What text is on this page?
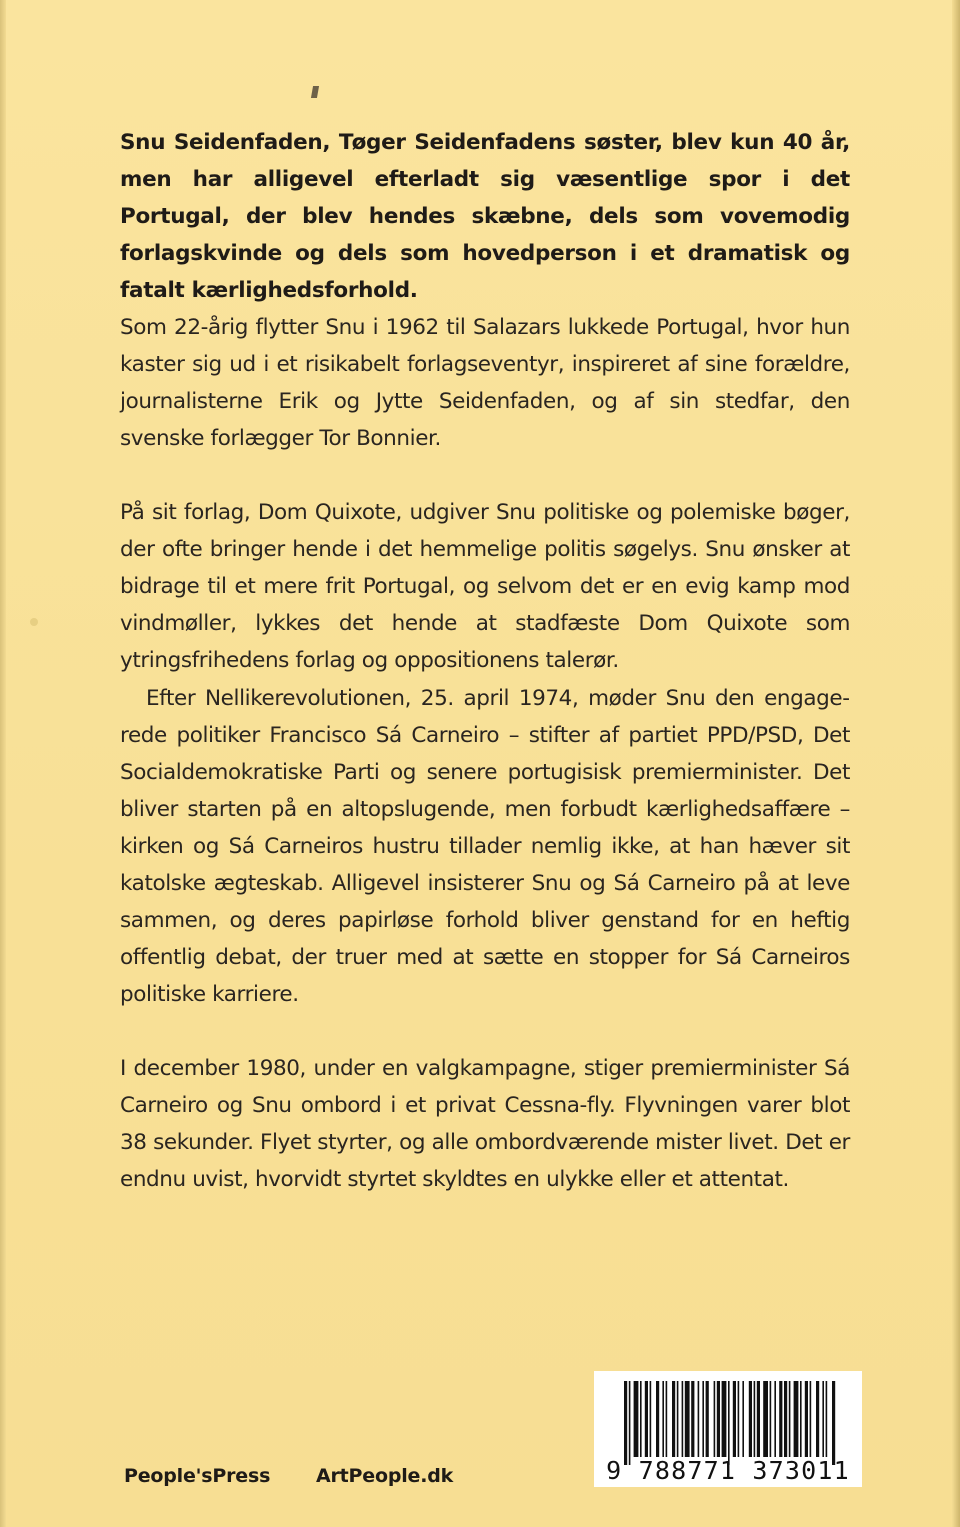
Snu Seidenfaden, Tøger Seidenfadens søster, blev kun 40 år, men har alligevel efterladt sig væsentlige spor i det Portugal, der blev hendes skæbne, dels som vovemodig forlagskvinde og dels som hovedperson i et dramatisk og fatalt kærlighedsforhold.

Som 22-årig flytter Snu i 1962 til Salazars lukkede Portugal, hvor hun kaster sig ud i et risikabelt forlagseventyr, inspireret af sine forældre, journalisterne Erik og Jytte Seidenfaden, og af sin stedfar, den svenske forlægger Tor Bonnier.

På sit forlag, Dom Quixote, udgiver Snu politiske og polemiske bøger, der ofte bringer hende i det hemmelige politis søgelys. Snu ønsker at bidrage til et mere frit Portugal, og selvom det er en evig kamp mod vindmøller, lykkes det hende at stadfæste Dom Quixote som ytringsfrihedens forlag og oppositionens talerør.

Efter Nellikerevolutionen, 25. april 1974, møder Snu den engagerede politiker Francisco Sá Carneiro – stifter af partiet PPD/PSD, Det Socialdemokratiske Parti og senere portugisisk premierminister. Det bliver starten på en altopslugende, men forbudt kærlighedsaffære – kirken og Sá Carneiros hustru tillader nemlig ikke, at han hæver sit katolske ægteskab. Alligevel insisterer Snu og Sá Carneiro på at leve sammen, og deres papirløse forhold bliver genstand for en heftig offentlig debat, der truer med at sætte en stopper for Sá Carneiros politiske karriere.

I december 1980, under en valgkampagne, stiger premierminister Sá Carneiro og Snu ombord i et privat Cessna-fly. Flyvningen varer blot 38 sekunder. Flyet styrter, og alle ombordværende mister livet. Det er endnu uvist, hvorvidt styrtet skyldtes en ulykke eller et attentat.

People'sPress ArtPeople.dk	9 788771 373011
